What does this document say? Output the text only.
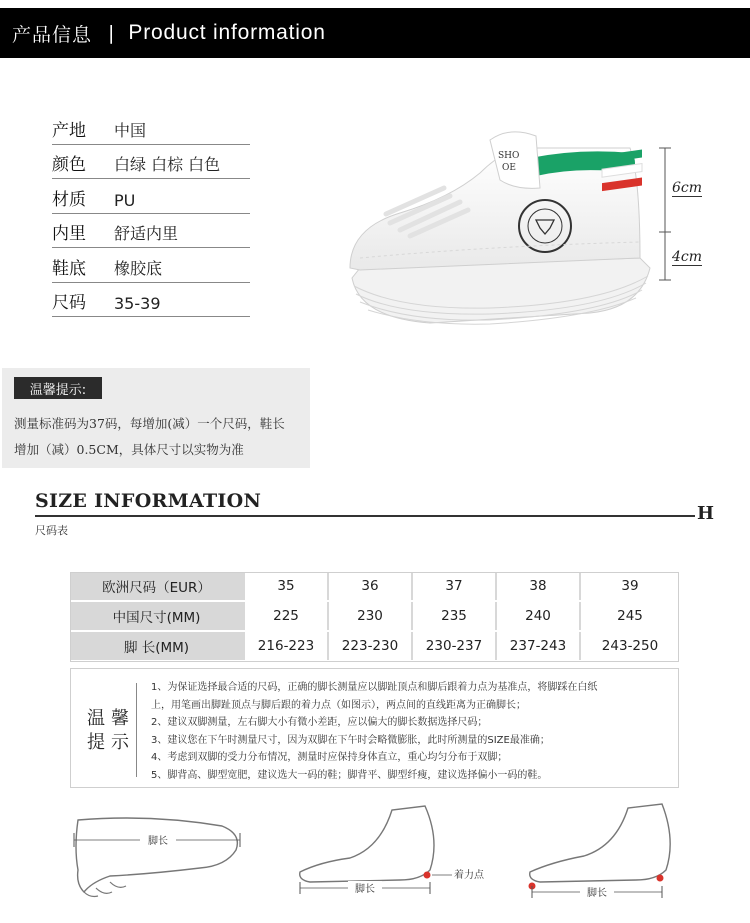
产品信息 | Product information
产地	中国
颜色	白绿 白棕 白色
材质	PU
内里	舒适内里
鞋底	橡胶底
尺码	35-39
SHO
OE
6cm
4cm
温馨提示:
测量标准码为37码，每增加(减）一个尺码，鞋长
增加（减）0.5CM，具体尺寸以实物为准
SIZE INFORMATION
H
尺码表
欧洲尺码（EUR）	35	36	37	38	39
中国尺寸(MM)	225	230	235	240	245
脚 长(MM)	216-223	223-230	230-237	237-243	243-250
温馨提示
1、为保证选择最合适的尺码，正确的脚长测量应以脚趾顶点和脚后跟着力点为基准点，将脚踩在白纸
上，用笔画出脚趾顶点与脚后跟的着力点（如图示），两点间的直线距离为正确脚长；
2、建议双脚测量，左右脚大小有微小差距，应以偏大的脚长数据选择尺码；
3、建议您在下午时测量尺寸，因为双脚在下午时会略微膨胀，此时所测量的SIZE最准确；
4、考虑到双脚的受力分布情况，测量时应保持身体直立，重心均匀分布于双脚；
5、脚背高、脚型宽肥，建议选大一码的鞋；脚背平、脚型纤瘦，建议选择偏小一码的鞋。
脚长
着力点
脚长	脚长
